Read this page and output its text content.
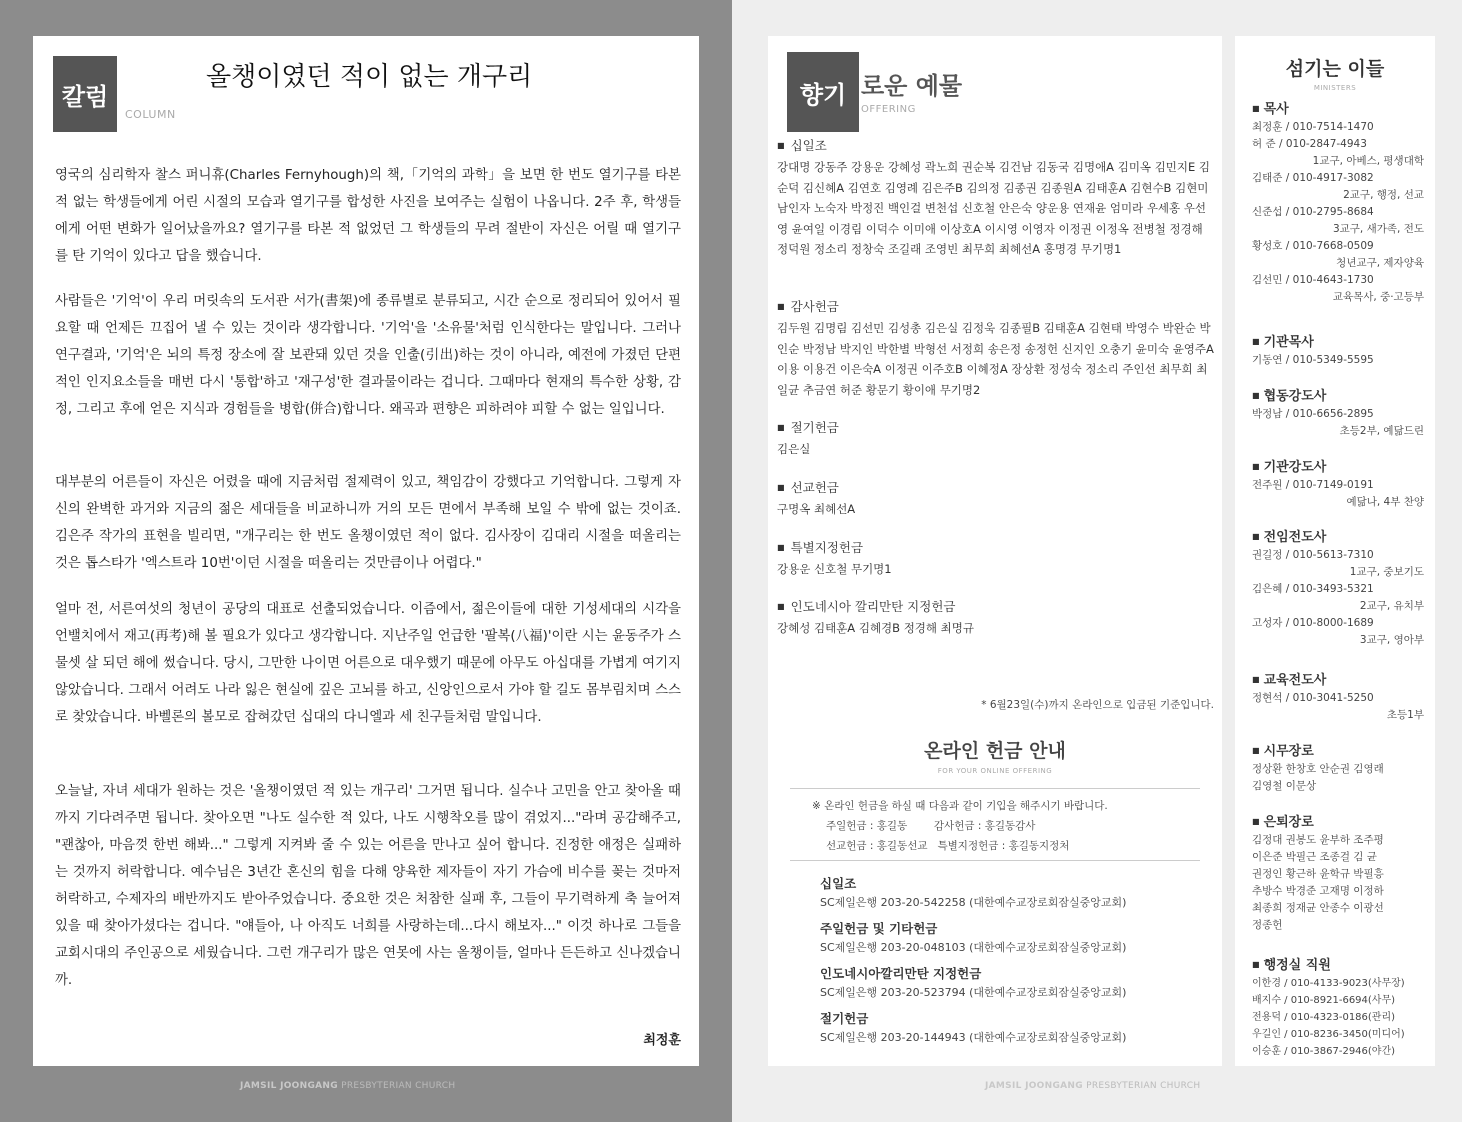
칼럼
COLUMN
올챙이였던 적이 없는 개구리

영국의 심리학자 찰스 퍼니휴(Charles Fernyhough)의 책,「기억의 과학」을 보면 한 번도 열기구를 타본 적 없는 학생들에게 어린 시절의 모습과 열기구를 합성한 사진을 보여주는 실험이 나옵니다. 2주 후, 학생들에게 어떤 변화가 일어났을까요? 열기구를 타본 적 없었던 그 학생들의 무려 절반이 자신은 어릴 때 열기구를 탄 기억이 있다고 답을 했습니다.

사람들은 '기억'이 우리 머릿속의 도서관 서가(書架)에 종류별로 분류되고, 시간 순으로 정리되어 있어서 필요할 때 언제든 끄집어 낼 수 있는 것이라 생각합니다. '기억'을 '소유물'처럼 인식한다는 말입니다. 그러나 연구결과, '기억'은 뇌의 특정 장소에 잘 보관돼 있던 것을 인출(引出)하는 것이 아니라, 예전에 가졌던 단편적인 인지요소들을 매번 다시 '통합'하고 '재구성'한 결과물이라는 겁니다. 그때마다 현재의 특수한 상황, 감정, 그리고 후에 얻은 지식과 경험들을 병합(併合)합니다. 왜곡과 편향은 피하려야 피할 수 없는 일입니다.

대부분의 어른들이 자신은 어렸을 때에 지금처럼 절제력이 있고, 책임감이 강했다고 기억합니다. 그렇게 자신의 완벽한 과거와 지금의 젊은 세대들을 비교하니까 거의 모든 면에서 부족해 보일 수 밖에 없는 것이죠. 김은주 작가의 표현을 빌리면, "개구리는 한 번도 올챙이였던 적이 없다. 김사장이 김대리 시절을 떠올리는 것은 톱스타가 '엑스트라 10번'이던 시절을 떠올리는 것만큼이나 어렵다."

얼마 전, 서른여섯의 청년이 공당의 대표로 선출되었습니다. 이즘에서, 젊은이들에 대한 기성세대의 시각을 언밸치에서 재고(再考)해 볼 필요가 있다고 생각합니다. 지난주일 언급한 '팔복(八福)'이란 시는 윤동주가 스물셋 살 되던 해에 썼습니다. 당시, 그만한 나이면 어른으로 대우했기 때문에 아무도 아십대를 가볍게 여기지 않았습니다. 그래서 어려도 나라 잃은 현실에 깊은 고뇌를 하고, 신앙인으로서 가야 할 길도 몸부림치며 스스로 찾았습니다. 바벨론의 볼모로 잡혀갔던 십대의 다니엘과 세 친구들처럼 말입니다.

오늘날, 자녀 세대가 원하는 것은 '올챙이였던 적 있는 개구리' 그거면 됩니다. 실수나 고민을 안고 찾아올 때까지 기다려주면 됩니다. 찾아오면 "나도 실수한 적 있다, 나도 시행착오를 많이 겪었지..."라며 공감해주고, "괜찮아, 마음껏 한번 해봐..." 그렇게 지켜봐 줄 수 있는 어른을 만나고 싶어 합니다. 진정한 애정은 실패하는 것까지 허락합니다. 예수님은 3년간 혼신의 힘을 다해 양육한 제자들이 자기 가슴에 비수를 꽂는 것마저 허락하고, 수제자의 배반까지도 받아주었습니다. 중요한 것은 처참한 실패 후, 그들이 무기력하게 축 늘어져 있을 때 찾아가셨다는 겁니다. "얘들아, 나 아직도 너희를 사랑하는데...다시 해보자..." 이것 하나로 그들을 교회시대의 주인공으로 세웠습니다. 그런 개구리가 많은 연못에 사는 올챙이들, 얼마나 든든하고 신나겠습니까.

최정훈
JAMSIL JOONGANG PRESBYTERIAN CHURCH
향기 로운 예물
OFFERING
■ 십일조
강대명 강동주 강용운 강혜성 곽노희 권순복 김건남 김동국 김명애A 김미옥 김민지E 김순덕 김신혜A 김연호 김영례 김은주B 김의정 김종권 김종원A 김태훈A 김현수B 김현미 남인자 노숙자 박정진 백인걸 변천섭 신호철 안은숙 양운용 연재윤 엄미라 우세홍 우선영 윤여일 이경림 이덕수 이미애 이상호A 이시영 이영자 이정권 이정옥 전병철 정경해 정덕원 정소리 정창숙 조길래 조영빈 최무희 최혜선A 홍명경 무기명1
■ 감사헌금
김두원 김명림 김선민 김성총 김은실 김정욱 김종필B 김태훈A 김현태 박영수 박완순 박인순 박정남 박지인 박한별 박형선 서정희 송은정 송정헌 신지인 오충기 윤미숙 윤영주A 이용 이용건 이은숙A 이정권 이주호B 이혜정A 장상환 정성숙 정소리 주인선 최무희 최일균 추금연 허준 황문기 황이애 무기명2
■ 절기헌금
김은실
■ 선교헌금
구명옥 최혜선A
■ 특별지정헌금
강용운 신호철 무기명1
■ 인도네시아 깔리만탄 지정헌금
강혜성 김태훈A 김혜경B 정경해 최명규
* 6월23일(수)까지 온라인으로 입금된 기준입니다.
온라인 헌금 안내
FOR YOUR ONLINE OFFERING
※ 온라인 헌금을 하실 때 다음과 같이 기입을 해주시기 바랍니다.
주일헌금 : 홍길동        감사헌금 : 홍길동감사
선교헌금 : 홍길동선교   특별지정헌금 : 홍길동지정처
십일조
SC제일은행 203-20-542258 (대한예수교장로회잠실중앙교회)
주일헌금 및 기타헌금
SC제일은행 203-20-048103 (대한예수교장로회잠실중앙교회)
인도네시아깔리만탄 지정헌금
SC제일은행 203-20-523794 (대한예수교장로회잠실중앙교회)
절기헌금
SC제일은행 203-20-144943 (대한예수교장로회잠실중앙교회)
JAMSIL JOONGANG PRESBYTERIAN CHURCH
섬기는 이들
MINISTERS
■ 목사
최정훈 / 010-7514-1470
허 준 / 010-2847-4943
1교구, 아베스, 평생대학
김태준 / 010-4917-3082
2교구, 행정, 선교
신준섭 / 010-2795-8684
3교구, 새가족, 전도
황성호 / 010-7668-0509
청년교구, 제자양육
김선민 / 010-4643-1730
교육목사, 중·고등부
■ 기관목사
기동연 / 010-5349-5595
■ 협동강도사
박정남 / 010-6656-2895
초등2부, 예닮드린
■ 기관강도사
전주원 / 010-7149-0191
예닮나, 4부 찬양
■ 전임전도사
권길정 / 010-5613-7310
1교구, 중보기도
김은혜 / 010-3493-5321
2교구, 유치부
고성자 / 010-8000-1689
3교구, 영아부
■ 교육전도사
정현석 / 010-3041-5250
초등1부
■ 시무장로
정상환 한창호 안순권 김영래
김영철 이문상
■ 은퇴장로
김정대 권봉도 윤부하 조주평
이은준 박필근 조종걸 김 균
권정인 황근하 윤학규 박필흥
추방수 박경준 고재명 이정하
최종희 정재균 안종수 이광선
정종헌
■ 행정실 직원
이한경 / 010-4133-9023(사무장)
배지수 / 010-8921-6694(사무)
전용덕 / 010-4323-0186(관리)
우길인 / 010-8236-3450(미디어)
이승훈 / 010-3867-2946(야간)
